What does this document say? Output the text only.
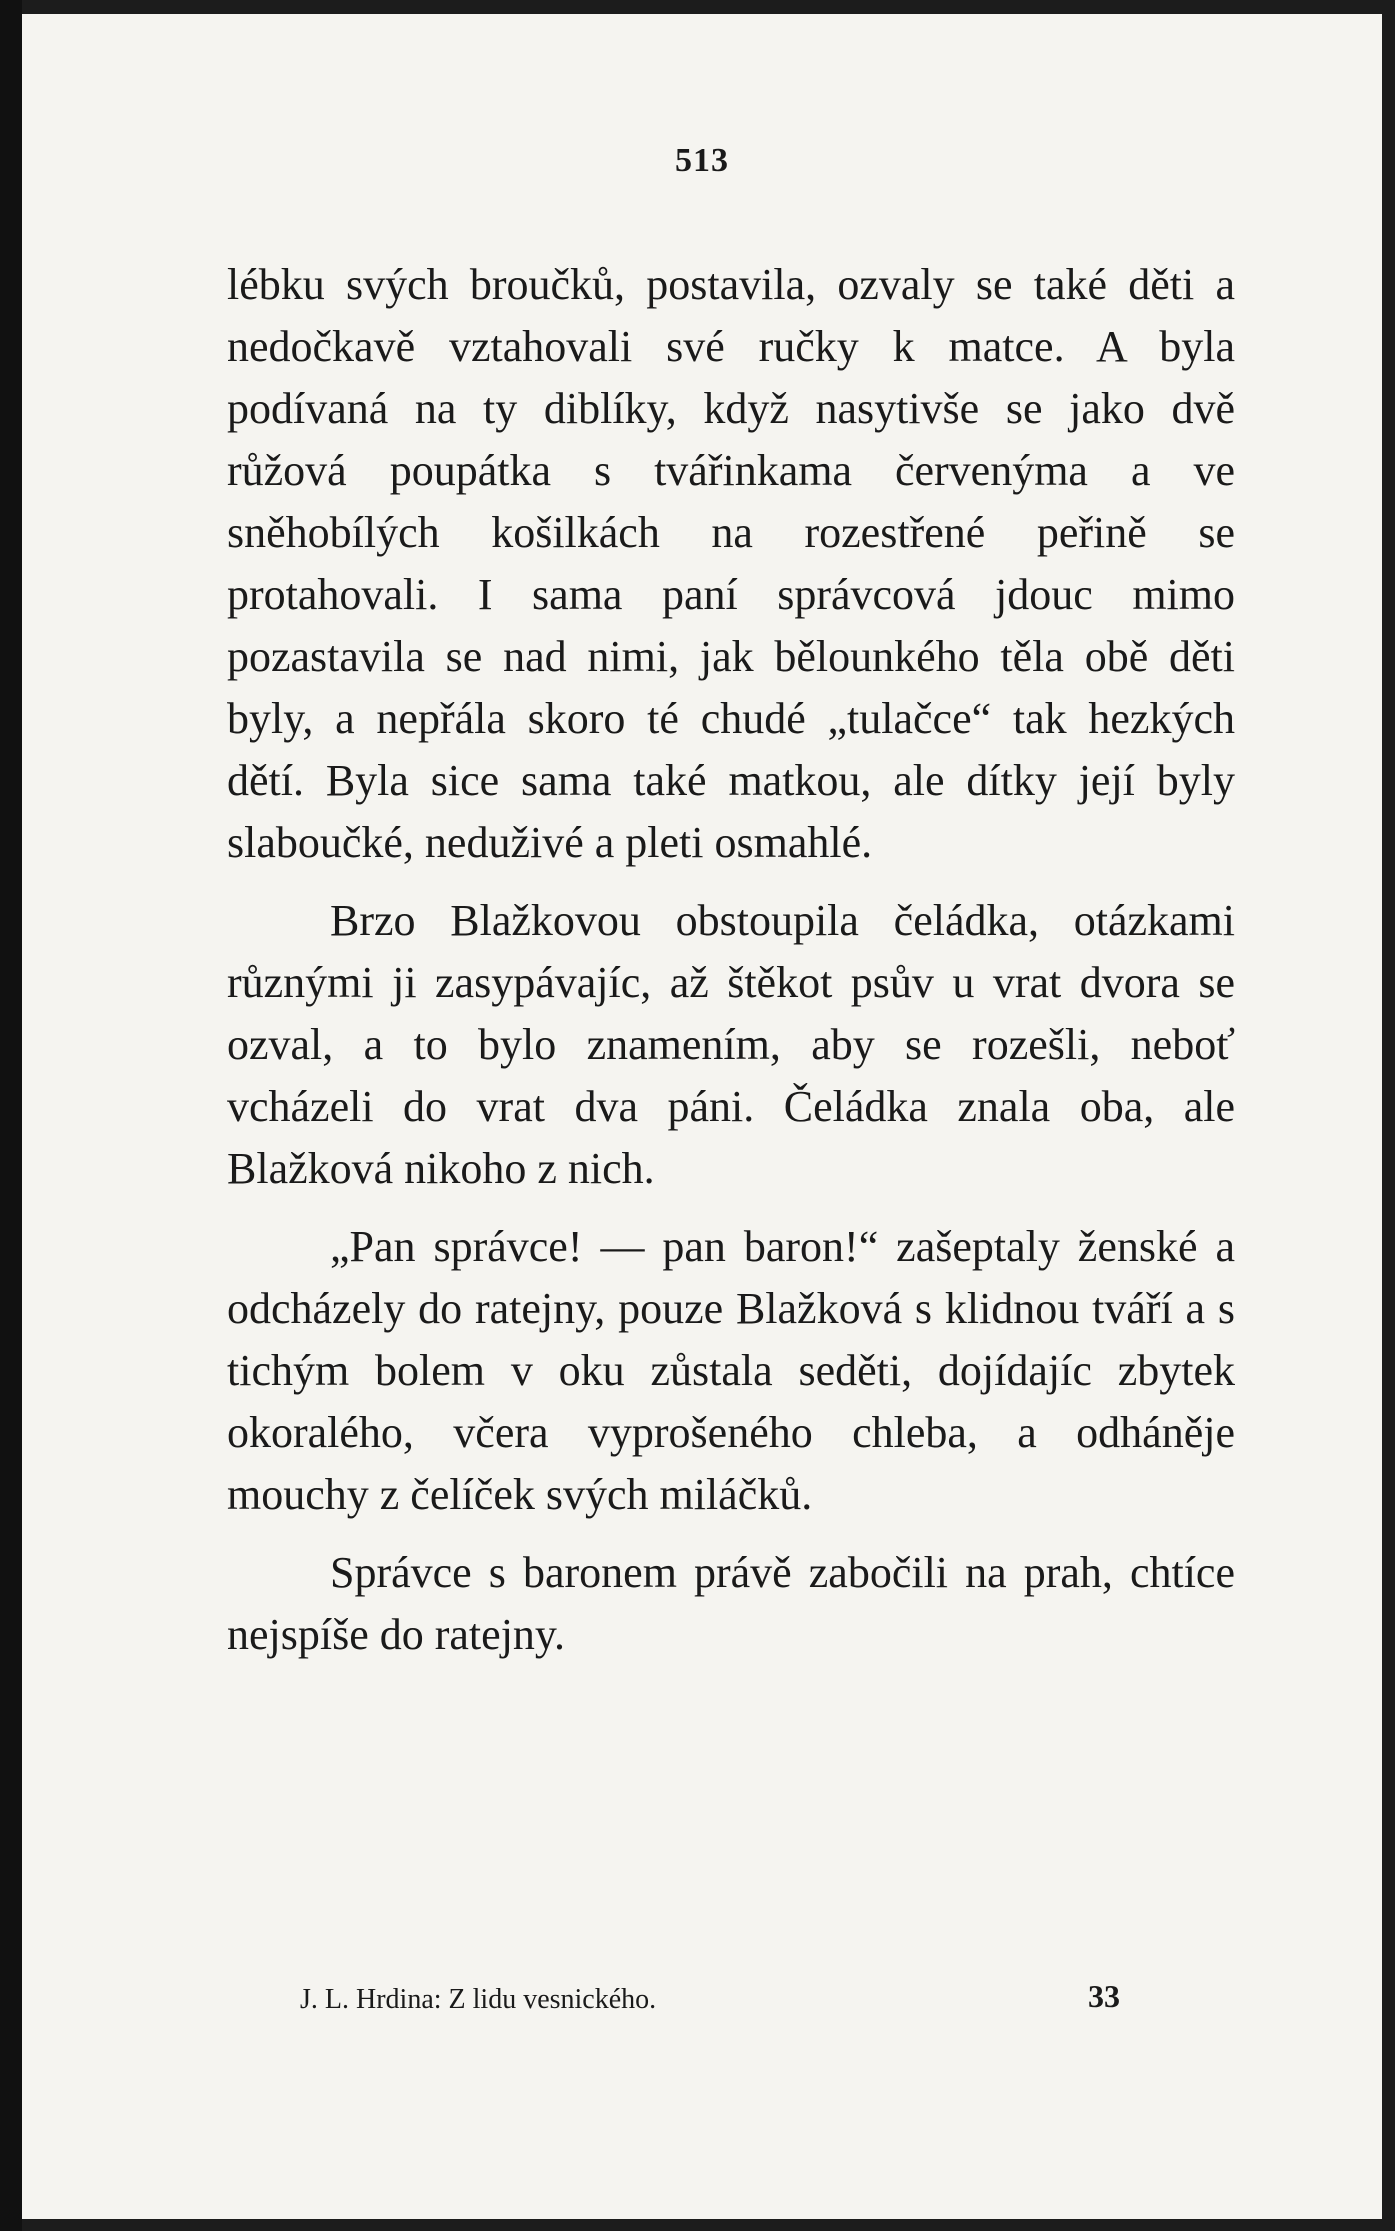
513

lébku svých broučků, postavila, ozvaly se také děti a nedočkavě vztahovali své ručky k matce. A byla podívaná na ty diblíky, když nasytivše se jako dvě růžová poupátka s tvářinkama červenýma a ve sněhobílých košilkách na rozestřené peřině se protahovali. I sama paní správcová jdouc mimo pozastavila se nad nimi, jak bělounkého těla obě děti byly, a nepřála skoro té chudé „tulačce“ tak hezkých dětí. Byla sice sama také matkou, ale dítky její byly slaboučké, neduživé a pleti osmahlé.

Brzo Blažkovou obstoupila čeládka, otázkami různými ji zasypávajíc, až štěkot psův u vrat dvora se ozval, a to bylo znamením, aby se rozešli, neboť vcházeli do vrat dva páni. Čeládka znala oba, ale Blažková nikoho z nich.

„Pan správce! — pan baron!“ zašeptaly ženské a odcházely do ratejny, pouze Blažková s klidnou tváří a s tichým bolem v oku zůstala seděti, dojídajíc zbytek okoralého, včera vyprošeného chleba, a odháněje mouchy z čelíček svých miláčků.

Správce s baronem právě zabočili na prah, chtíce nejspíše do ratejny.

J. L. Hrdina: Z lidu vesnického.	33
